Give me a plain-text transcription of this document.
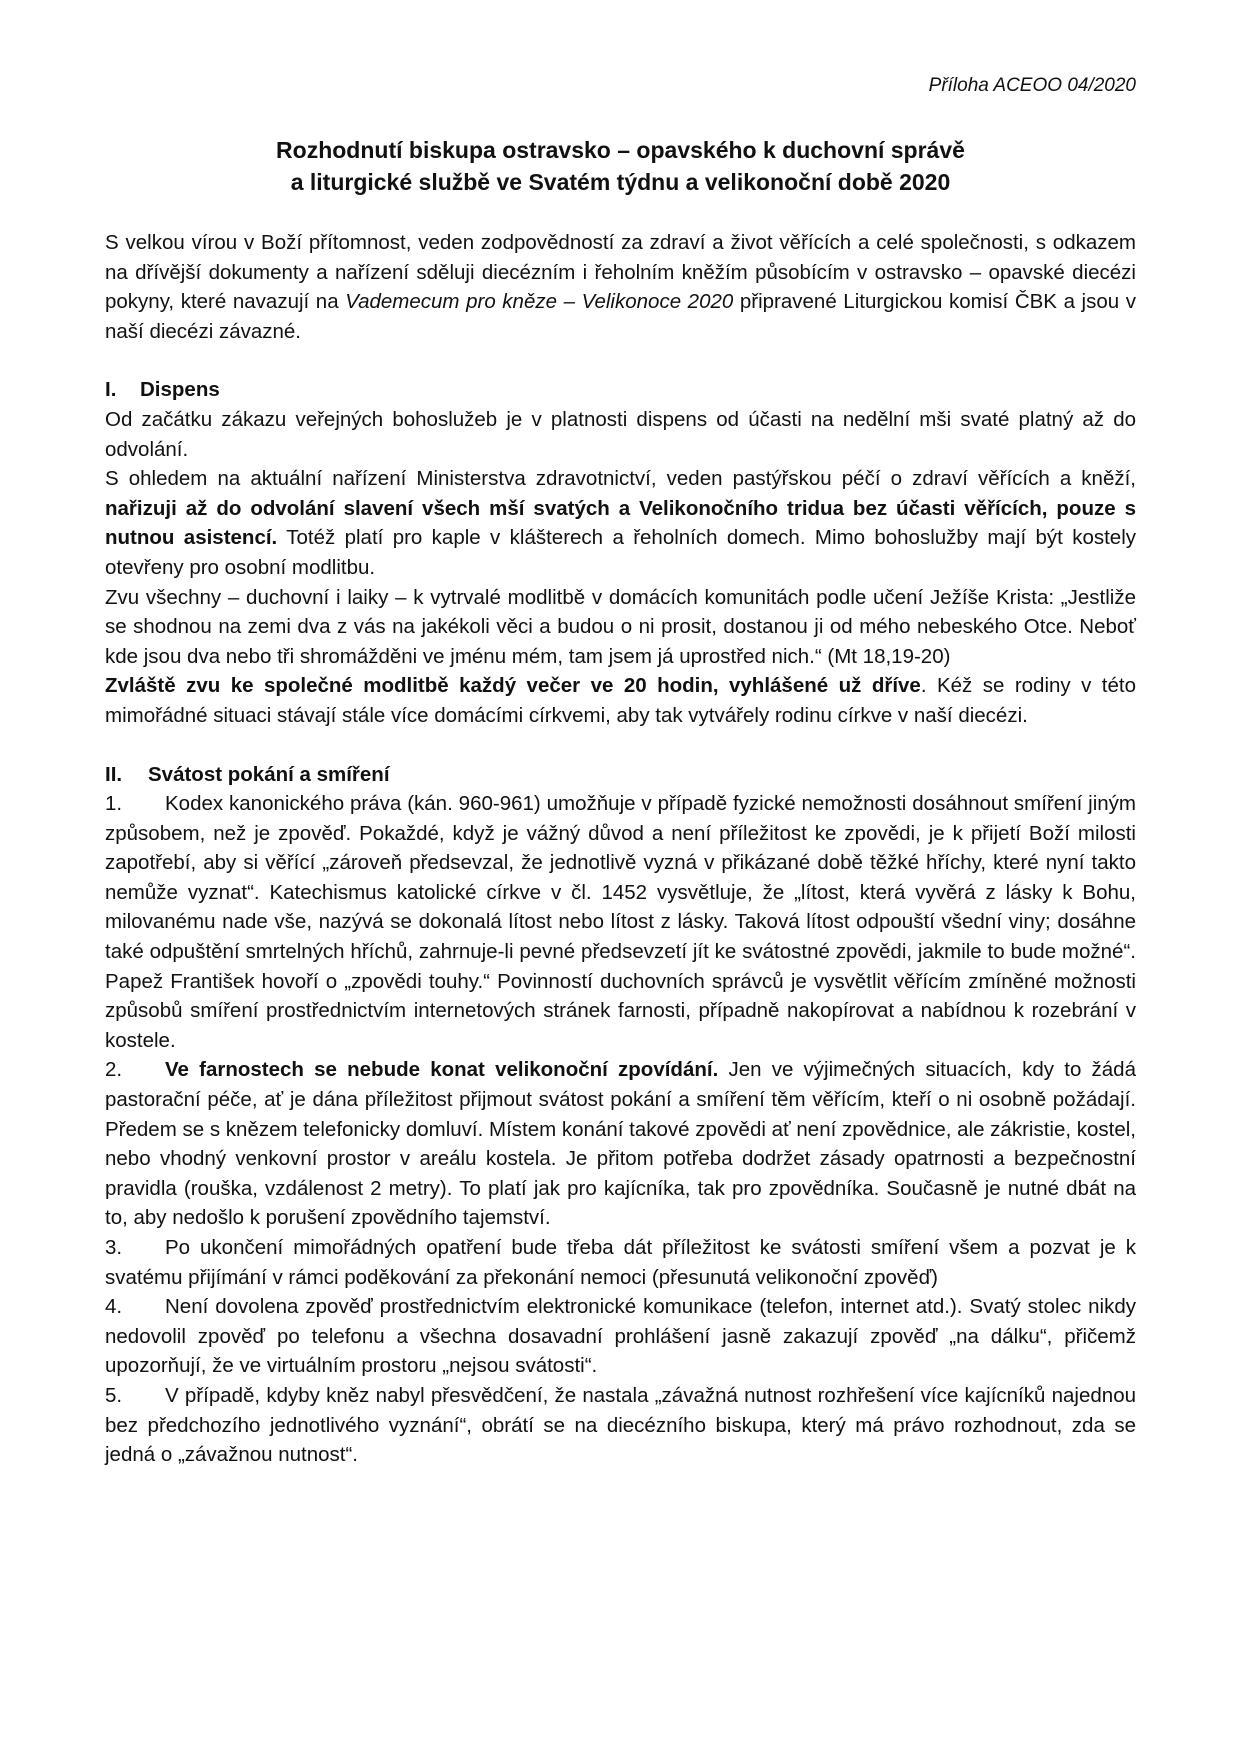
Příloha ACEOO 04/2020
Rozhodnutí biskupa ostravsko – opavského k duchovní správě
a liturgické službě ve Svatém týdnu a velikonoční době 2020

S velkou vírou v Boží přítomnost, veden zodpovědností za zdraví a život věřících a celé společnosti, s odkazem na dřívější dokumenty a nařízení sděluji diecézním i řeholním kněžím působícím v ostravsko – opavské diecézi pokyny, které navazují na Vademecum pro kněze – Velikonoce 2020 připravené Liturgickou komisí ČBK a jsou v naší diecézi závazné.

I. Dispens

Od začátku zákazu veřejných bohoslužeb je v platnosti dispens od účasti na nedělní mši svaté platný až do odvolání.

S ohledem na aktuální nařízení Ministerstva zdravotnictví, veden pastýřskou péčí o zdraví věřících a kněží, nařizuji až do odvolání slavení všech mší svatých a Velikonočního tridua bez účasti věřících, pouze s nutnou asistencí. Totéž platí pro kaple v klášterech a řeholních domech. Mimo bohoslužby mají být kostely otevřeny pro osobní modlitbu.

Zvu všechny – duchovní i laiky – k vytrvalé modlitbě v domácích komunitách podle učení Ježíše Krista: „Jestliže se shodnou na zemi dva z vás na jakékoli věci a budou o ni prosit, dostanou ji od mého nebeského Otce. Neboť kde jsou dva nebo tři shromážděni ve jménu mém, tam jsem já uprostřed nich.“ (Mt 18,19-20)

Zvláště zvu ke společné modlitbě každý večer ve 20 hodin, vyhlášené už dříve. Kéž se rodiny v této mimořádné situaci stávají stále více domácími církvemi, aby tak vytvářely rodinu církve v naší diecézi.

II. Svátost pokání a smíření

1. Kodex kanonického práva (kán. 960-961) umožňuje v případě fyzické nemožnosti dosáhnout smíření jiným způsobem, než je zpověď. Pokaždé, když je vážný důvod a není příležitost ke zpovědi, je k přijetí Boží milosti zapotřebí, aby si věřící „zároveň předsevzal, že jednotlivě vyzná v přikázané době těžké hříchy, které nyní takto nemůže vyznat“. Katechismus katolické církve v čl. 1452 vysvětluje, že „lítost, která vyvěrá z lásky k Bohu, milovanému nade vše, nazývá se dokonalá lítost nebo lítost z lásky. Taková lítost odpouští všední viny; dosáhne také odpuštění smrtelných hříchů, zahrnuje-li pevné předsevzetí jít ke svátostné zpovědi, jakmile to bude možné“. Papež František hovoří o „zpovědi touhy.“ Povinností duchovních správců je vysvětlit věřícím zmíněné možnosti způsobů smíření prostřednictvím internetových stránek farnosti, případně nakopírovat a nabídnou k rozebrání v kostele.

2. Ve farnostech se nebude konat velikonoční zpovídání. Jen ve výjimečných situacích, kdy to žádá pastorační péče, ať je dána příležitost přijmout svátost pokání a smíření těm věřícím, kteří o ni osobně požádají. Předem se s knězem telefonicky domluví. Místem konání takové zpovědi ať není zpovědnice, ale zákristie, kostel, nebo vhodný venkovní prostor v areálu kostela. Je přitom potřeba dodržet zásady opatrnosti a bezpečnostní pravidla (rouška, vzdálenost 2 metry). To platí jak pro kajícníka, tak pro zpovědníka. Současně je nutné dbát na to, aby nedošlo k porušení zpovědního tajemství.

3. Po ukončení mimořádných opatření bude třeba dát příležitost ke svátosti smíření všem a pozvat je k svatému přijímání v rámci poděkování za překonání nemoci (přesunutá velikonoční zpověď)

4. Není dovolena zpověď prostřednictvím elektronické komunikace (telefon, internet atd.). Svatý stolec nikdy nedovolil zpověď po telefonu a všechna dosavadní prohlášení jasně zakazují zpověď „na dálku“, přičemž upozorňují, že ve virtuálním prostoru „nejsou svátosti“.

5. V případě, kdyby kněz nabyl přesvědčení, že nastala „závažná nutnost rozhřešení více kajícníků najednou bez předchozího jednotlivého vyznání“, obrátí se na diecézního biskupa, který má právo rozhodnout, zda se jedná o „závažnou nutnost“.
